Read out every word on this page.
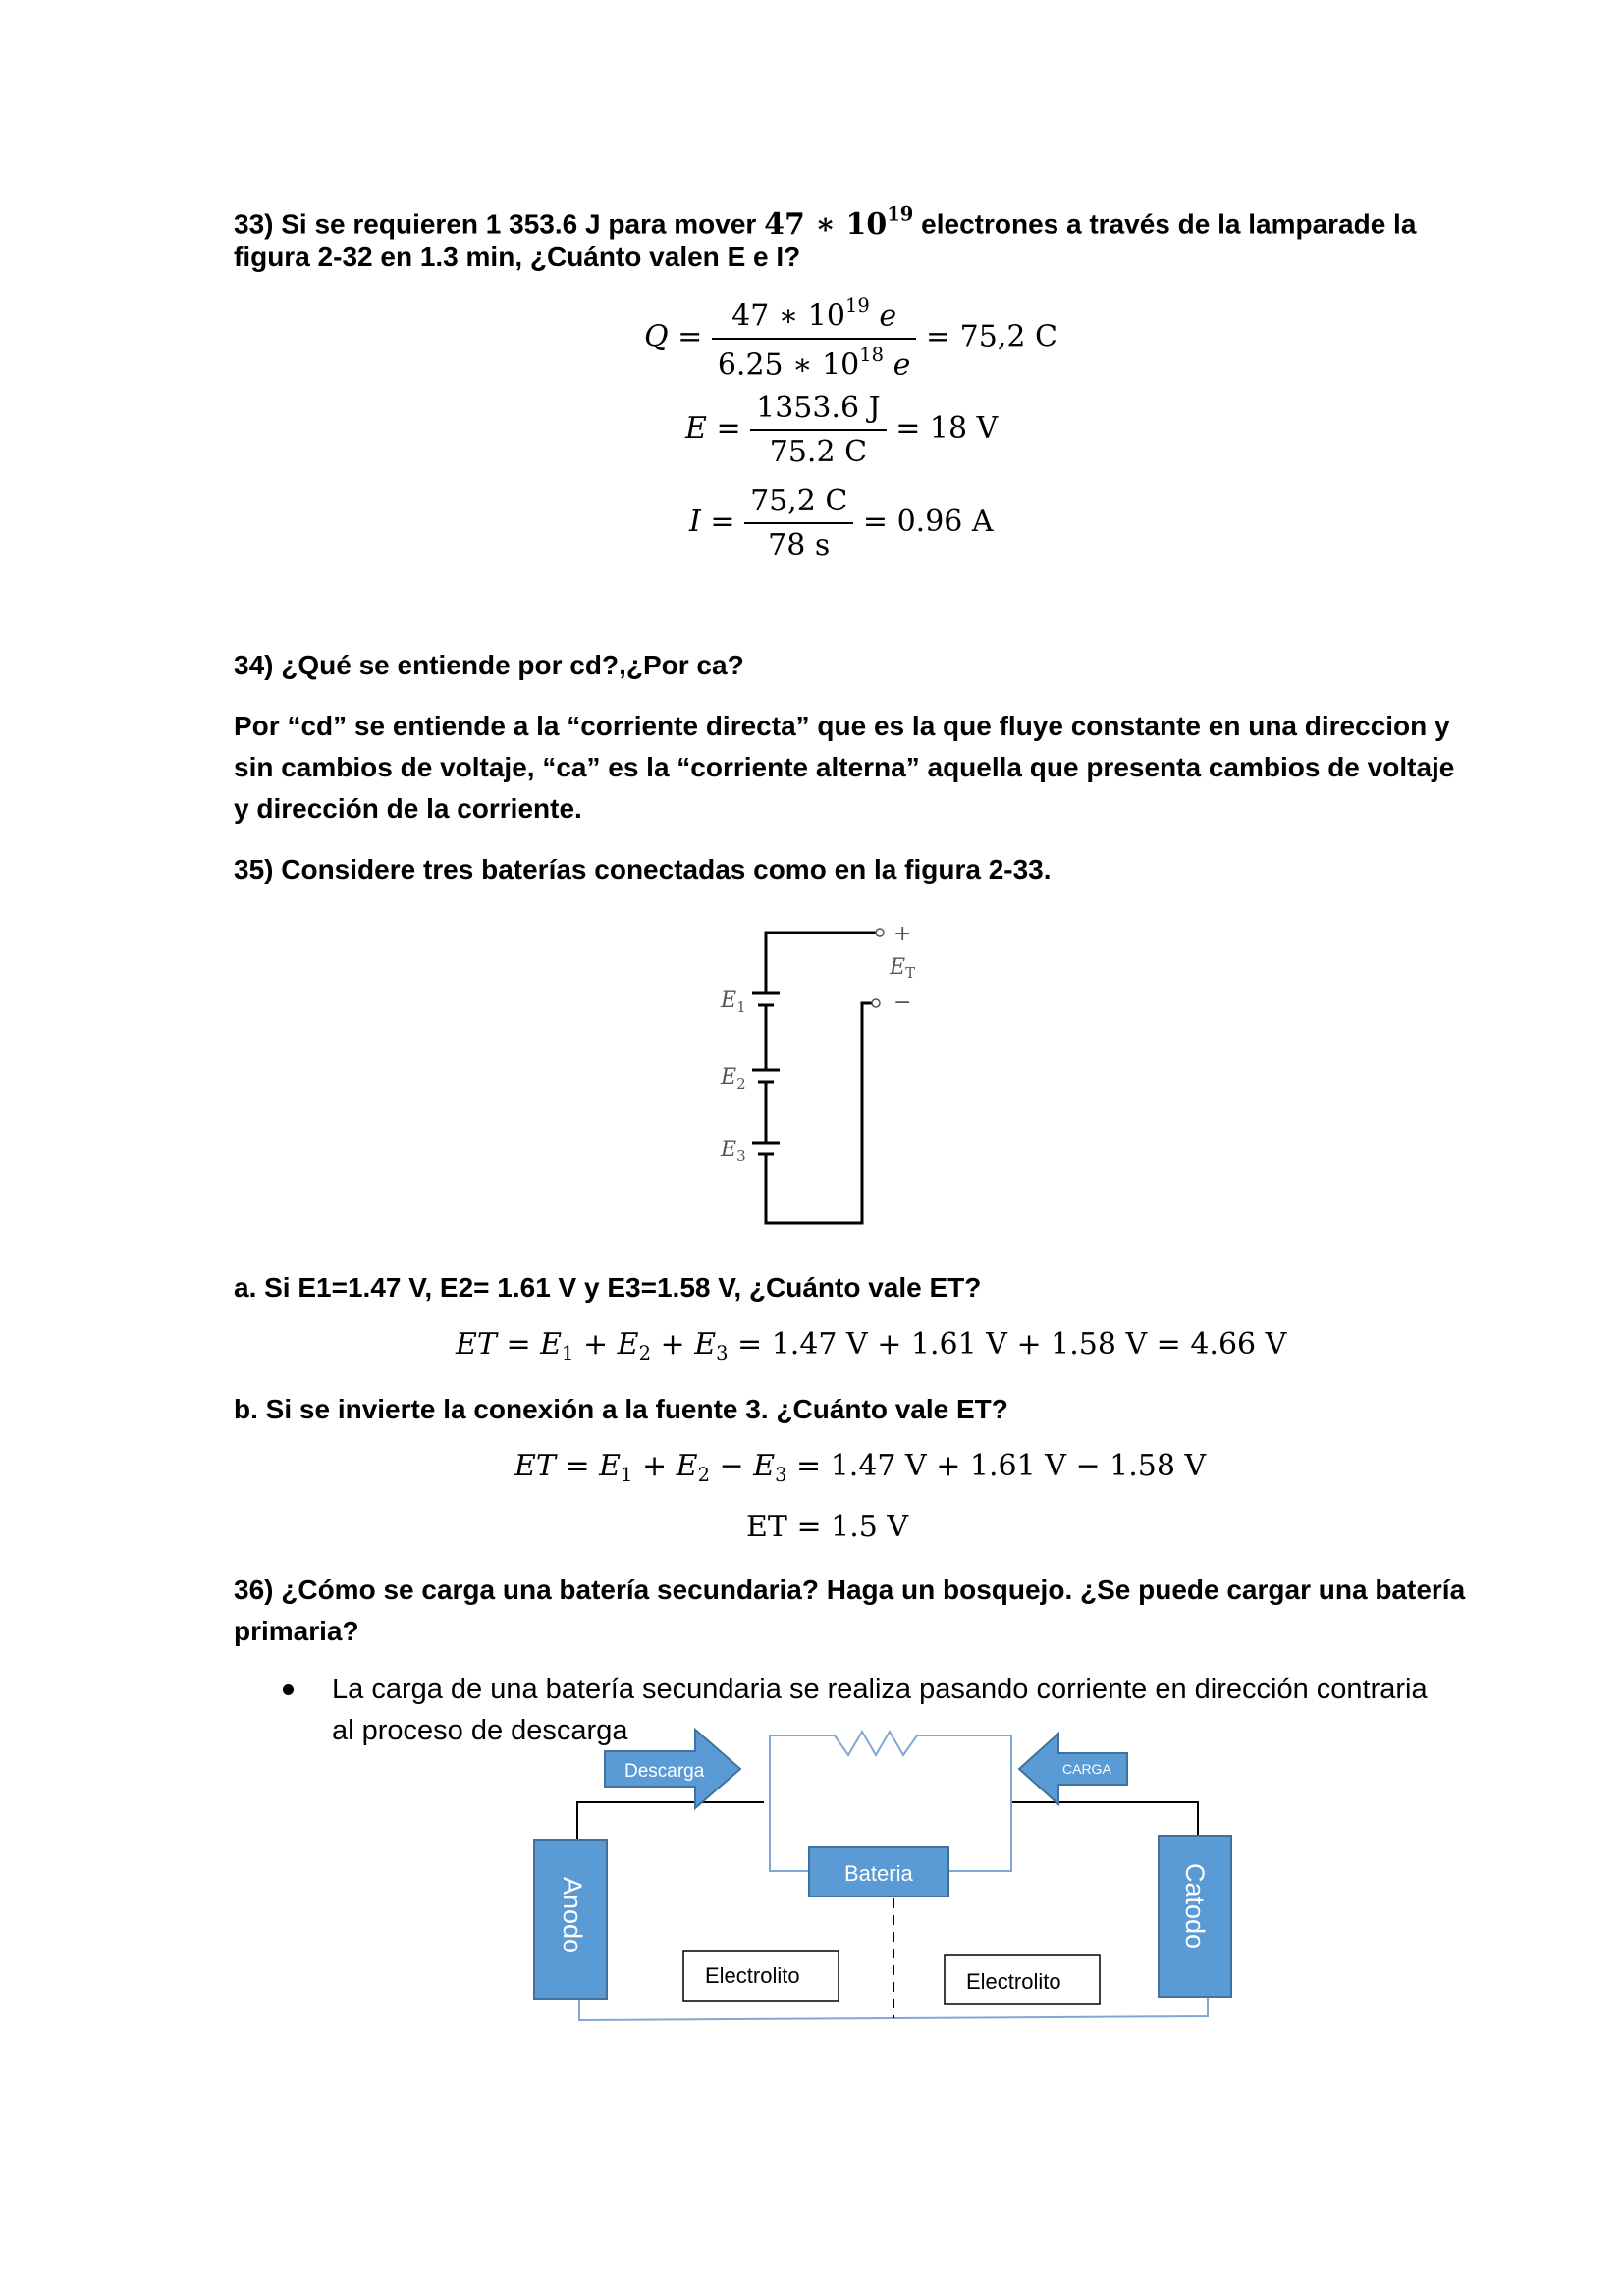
33) Si se requieren 1 353.6 J para mover 47 ∗ $10^{19}$ electrones a través de la lamparade la
figura 2-32 en 1.3 min, ¿Cuánto valen E e I?
$Q = \frac{47 ∗ 10^{19} e}{6.25 ∗ 10^{18} e} = 75,2$ C
$E = \frac{1353.6 J}{75.2 C} = 18$ V
$I = \frac{75,2 C}{78 s} = 0.96$ A
34) ¿Qué se entiende por cd?,¿Por ca?
Por “cd” se entiende a la “corriente directa” que es la que fluye constante en una direccion y
sin cambios de voltaje, “ca” es la “corriente alterna” aquella que presenta cambios de voltaje
y dirección de la corriente.
35) Considere tres baterías conectadas como en la figura 2-33.
+
−
ET
$E_1$
$E_2$
$E_3$
a. Si E1=1.47 V, E2= 1.61 V y E3=1.58 V, ¿Cuánto vale ET?
ET = $E_1 + E_2 + E_3 = 1.47$ V + 1.61 V + 1.58 V = 4.66 V
b. Si se invierte la conexión a la fuente 3. ¿Cuánto vale ET?
ET = $E_1 + E_2 - E_3 = 1.47$ V + 1.61 V − 1.58 V
ET = 1.5 V
36) ¿Cómo se carga una batería secundaria? Haga un bosquejo. ¿Se puede cargar una batería
primaria?
La carga de una batería secundaria se realiza pasando corriente en dirección contraria
al proceso de descarga
Descarga	CARGA
Anodo	Catodo
Bateria
Electrolito	Electrolito
